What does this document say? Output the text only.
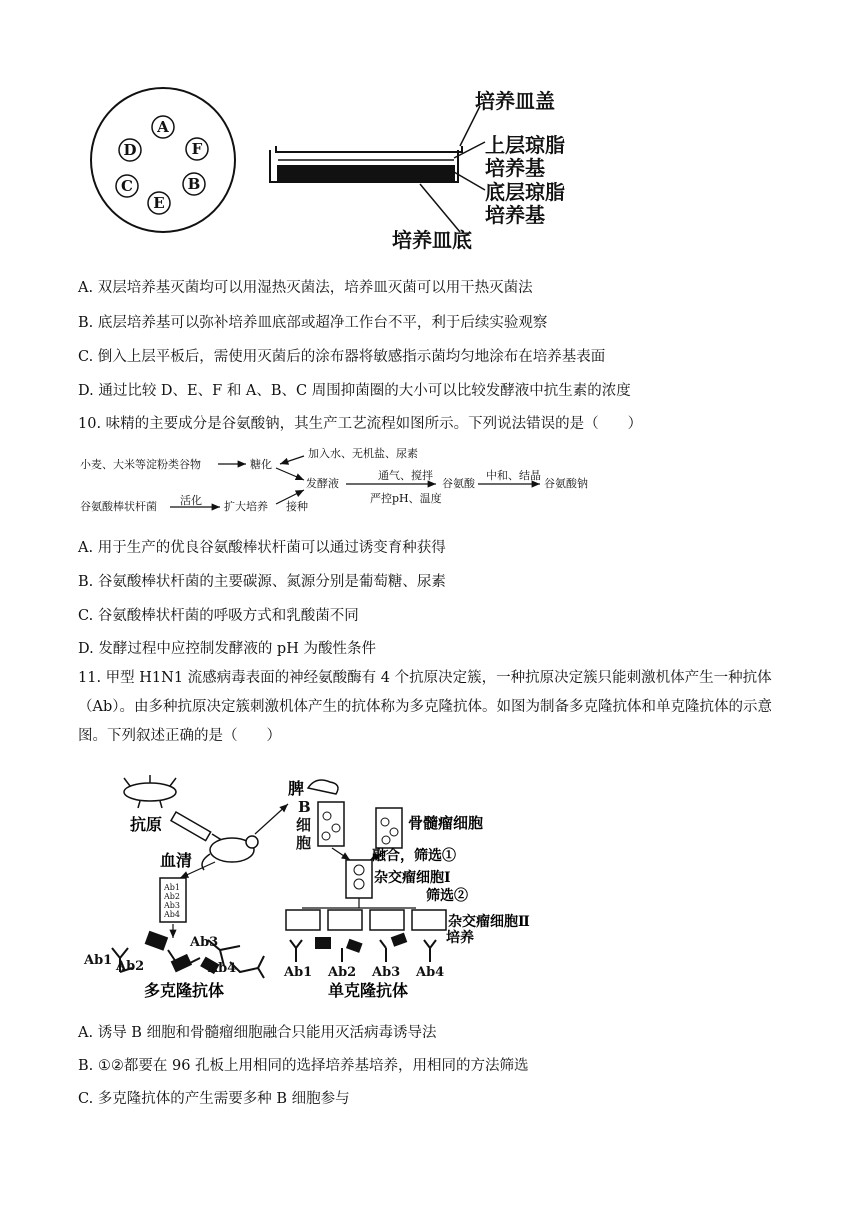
A
F
B
E
C
D
培养皿盖
上层琼脂
培养基
底层琼脂
培养基
培养皿底
A. 双层培养基灭菌均可以用湿热灭菌法，培养皿灭菌可以用干热灭菌法
B. 底层培养基可以弥补培养皿底部或超净工作台不平，利于后续实验观察
C. 倒入上层平板后，需使用灭菌后的涂布器将敏感指示菌均匀地涂布在培养基表面
D. 通过比较 D、E、F 和 A、B、C 周围抑菌圈的大小可以比较发酵液中抗生素的浓度
10. 味精的主要成分是谷氨酸钠，其生产工艺流程如图所示。下列说法错误的是（　　）
小麦、大米等淀粉类谷物	糖化
加入水、无机盐、尿素
发酵液
通气、搅拌
严控pH、温度
谷氨酸
中和、结晶
谷氨酸钠
谷氨酸棒状杆菌 活化 扩大培养 接种
A. 用于生产的优良谷氨酸棒状杆菌可以通过诱变育种获得
B. 谷氨酸棒状杆菌的主要碳源、氮源分别是葡萄糖、尿素
C. 谷氨酸棒状杆菌的呼吸方式和乳酸菌不同
D. 发酵过程中应控制发酵液的 pH 为酸性条件
11. 甲型 H1N1 流感病毒表面的神经氨酸酶有 4 个抗原决定簇，一种抗原决定簇只能刺激机体产生一种抗体（Ab）。由多种抗原决定簇刺激机体产生的抗体称为多克隆抗体。如图为制备多克隆抗体和单克隆抗体的示意图。下列叙述正确的是（　　）
抗原
血清
Ab1
Ab2
Ab3
Ab4
Ab1 Ab2
Ab3
Ab4
多克隆抗体
脾
B
细
胞
骨髓瘤细胞
融合，筛选①
杂交瘤细胞Ⅰ
筛选②
杂交瘤细胞Ⅱ
培养
Ab1 Ab2 Ab3 Ab4
单克隆抗体
A. 诱导 B 细胞和骨髓瘤细胞融合只能用灭活病毒诱导法
B. ①②都要在 96 孔板上用相同的选择培养基培养，用相同的方法筛选
C. 多克隆抗体的产生需要多种 B 细胞参与
